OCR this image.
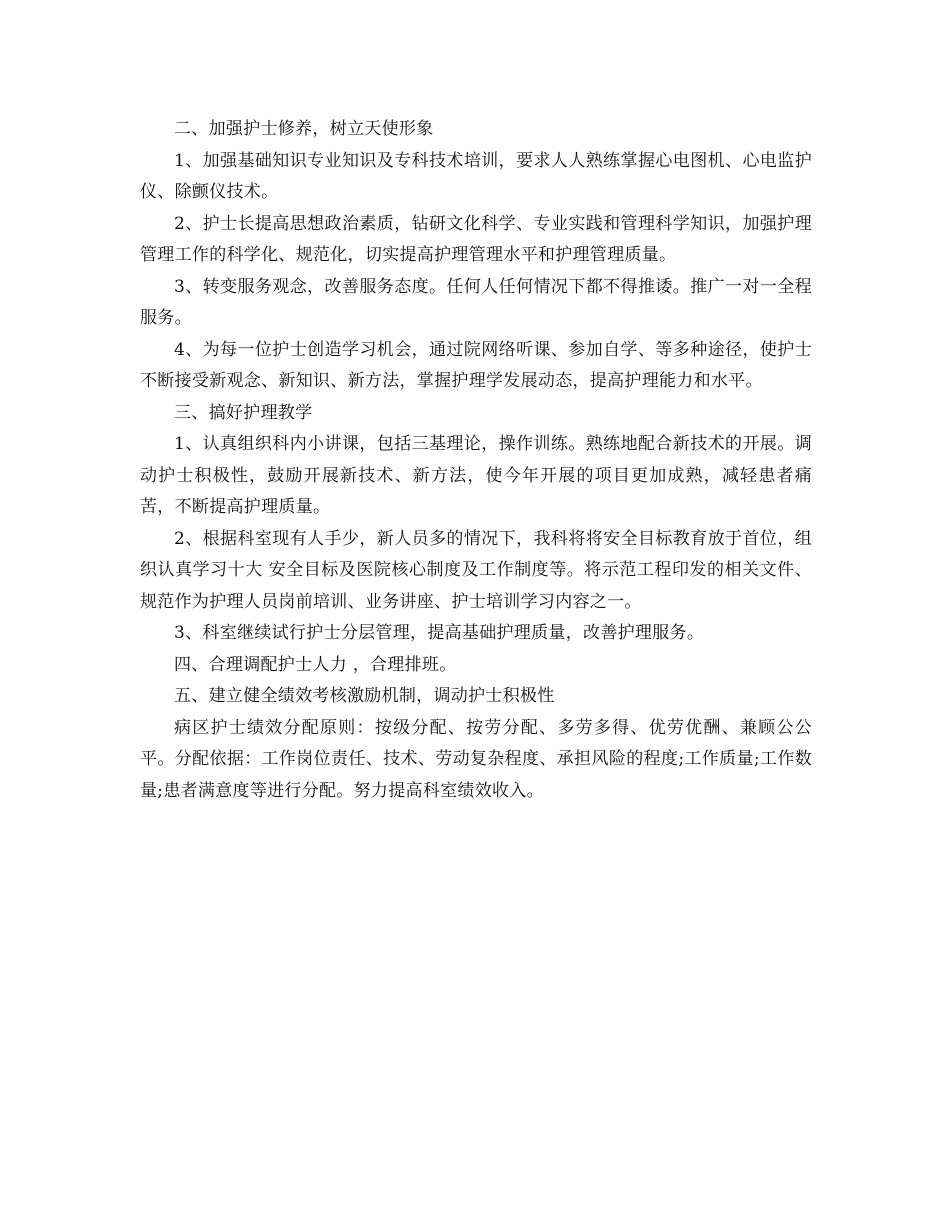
二、加强护士修养，树立天使形象

1、加强基础知识专业知识及专科技术培训，要求人人熟练掌握心电图机、心电监护仪、除颤仪技术。

2、护士长提高思想政治素质，钻研文化科学、专业实践和管理科学知识，加强护理管理工作的科学化、规范化，切实提高护理管理水平和护理管理质量。

3、转变服务观念，改善服务态度。任何人任何情况下都不得推诿。推广一对一全程服务。

4、为每一位护士创造学习机会，通过院网络听课、参加自学、等多种途径，使护士不断接受新观念、新知识、新方法，掌握护理学发展动态，提高护理能力和水平。

三、搞好护理教学

1、认真组织科内小讲课，包括三基理论，操作训练。熟练地配合新技术的开展。调动护士积极性，鼓励开展新技术、新方法，使今年开展的项目更加成熟，减轻患者痛苦，不断提高护理质量。

2、根据科室现有人手少，新人员多的情况下，我科将将安全目标教育放于首位，组织认真学习十大 安全目标及医院核心制度及工作制度等。将示范工程印发的相关文件、规范作为护理人员岗前培训、业务讲座、护士培训学习内容之一。

3、科室继续试行护士分层管理，提高基础护理质量，改善护理服务。

四、合理调配护士人力 ，合理排班。

五、建立健全绩效考核激励机制，调动护士积极性

病区护士绩效分配原则：按级分配、按劳分配、多劳多得、优劳优酬、兼顾公公平。分配依据：工作岗位责任、技术、劳动复杂程度、承担风险的程度;工作质量;工作数量;患者满意度等进行分配。努力提高科室绩效收入。
